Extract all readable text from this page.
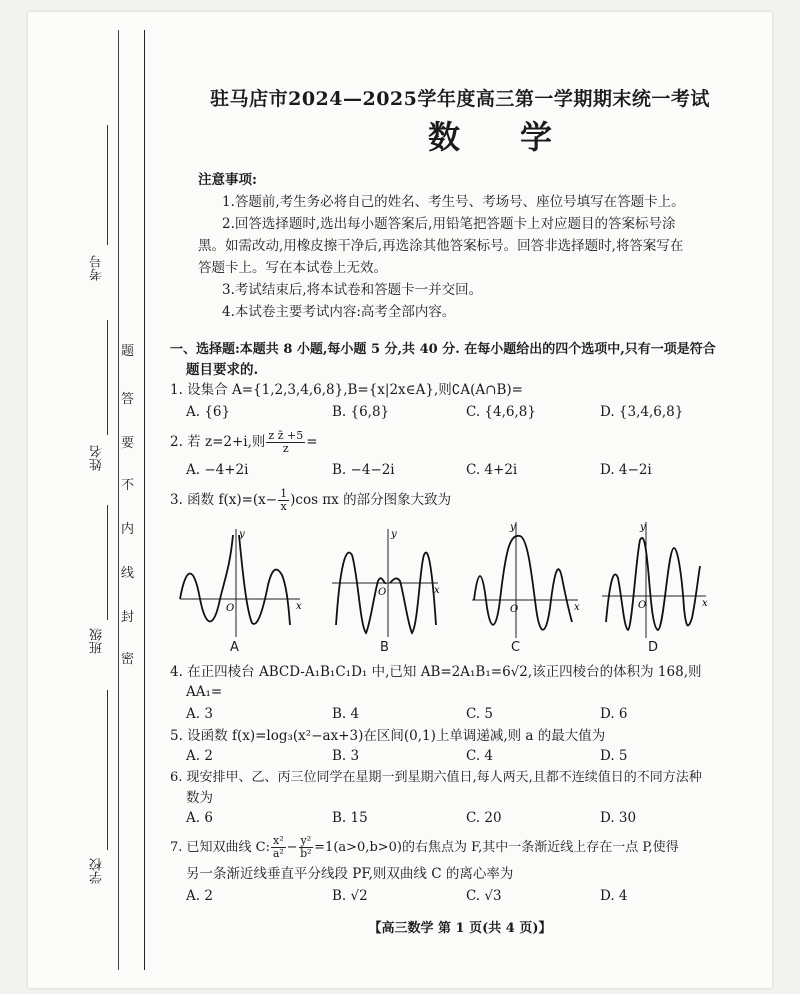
考号
姓名
班级
学校
题
答
要
不
内
线
封
密
驻马店市2024—2025学年度高三第一学期期末统一考试
数学
注意事项:
1.答题前,考生务必将自己的姓名、考生号、考场号、座位号填写在答题卡上。
2.回答选择题时,选出每小题答案后,用铅笔把答题卡上对应题目的答案标号涂
黑。如需改动,用橡皮擦干净后,再选涂其他答案标号。回答非选择题时,将答案写在
答题卡上。写在本试卷上无效。
3.考试结束后,将本试卷和答题卡一并交回。
4.本试卷主要考试内容:高考全部内容。
一、选择题:本题共 8 小题,每小题 5 分,共 40 分. 在每小题给出的四个选项中,只有一项是符合
题目要求的.
1. 设集合 A={1,2,3,4,6,8},B={x|2x∈A},则∁A(A∩B)=
A. {6}	B. {6,8}	C. {4,6,8}	D. {3,4,6,8}
2. 若 z=2+i,则 $\frac{\text{z z̄ +5}}{z}$ =
A. −4+2i	B. −4−2i	C. 4+2i	D. 4−2i
3. 函数 $f(x)=(x- \frac{1}{x} )\cos$ πx 的部分图象大致为
x
y
O
A
x
y
O
B
x
y
O
C
x
y
O
D
4. 在正四棱台 ABCD-A₁B₁C₁D₁ 中,已知 AB=2A₁B₁=6√2,该正四棱台的体积为 168,则
AA₁=
A. 3	B. 4	C. 5	D. 6
5. 设函数 f(x)=log₃(x²−ax+3)在区间(0,1)上单调递减,则 a 的最大值为
A. 2	B. 3	C. 4	D. 5
6. 现安排甲、乙、丙三位同学在星期一到星期六值日,每人两天,且都不连续值日的不同方法种
数为
A. 6	B. 15	C. 20	D. 30
7. 已知双曲线 C: $\frac{\text{x²}}{\text{a²}} - \frac{\text{y²}}{\text{b²}} =1(a>0,b>0)$的右焦点为 F,其中一条渐近线上存在一点 P,使得
另一条渐近线垂直平分线段 PF,则双曲线 C 的离心率为
A. 2	B. √2	C. √3	D. 4
【高三数学 第 1 页(共 4 页)】
